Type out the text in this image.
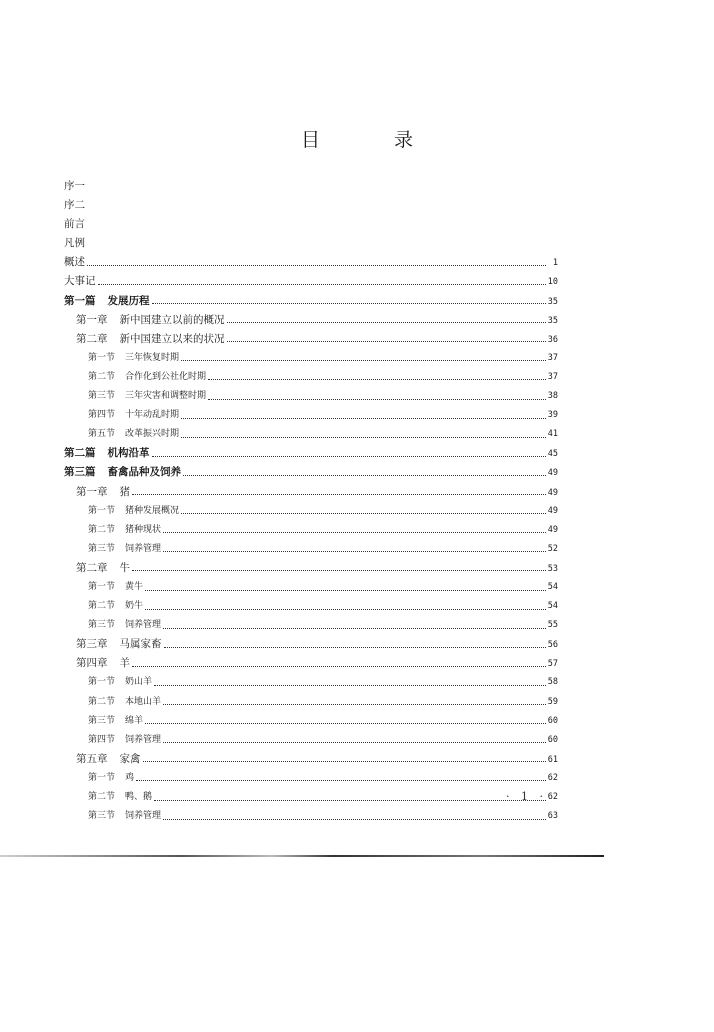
目 录
序一
序二
前言
凡例
概述	1
大事记	10
第一篇 发展历程	35
第一章 新中国建立以前的概况	35
第二章 新中国建立以来的状况	36
第一节 三年恢复时期	37
第二节 合作化到公社化时期	37
第三节 三年灾害和调整时期	38
第四节 十年动乱时期	39
第五节 改革振兴时期	41
第二篇 机构沿革	45
第三篇 畜禽品种及饲养	49
第一章 猪	49
第一节 猪种发展概况	49
第二节 猪种现状	49
第三节 饲养管理	52
第二章 牛	53
第一节 黄牛	54
第二节 奶牛	54
第三节 饲养管理	55
第三章 马属家畜	56
第四章 羊	57
第一节 奶山羊	58
第二节 本地山羊	59
第三节 绵羊	60
第四节 饲养管理	60
第五章 家禽	61
第一节 鸡	62
第二节 鸭、鹅	62
第三节 饲养管理	63
· 1 ·
